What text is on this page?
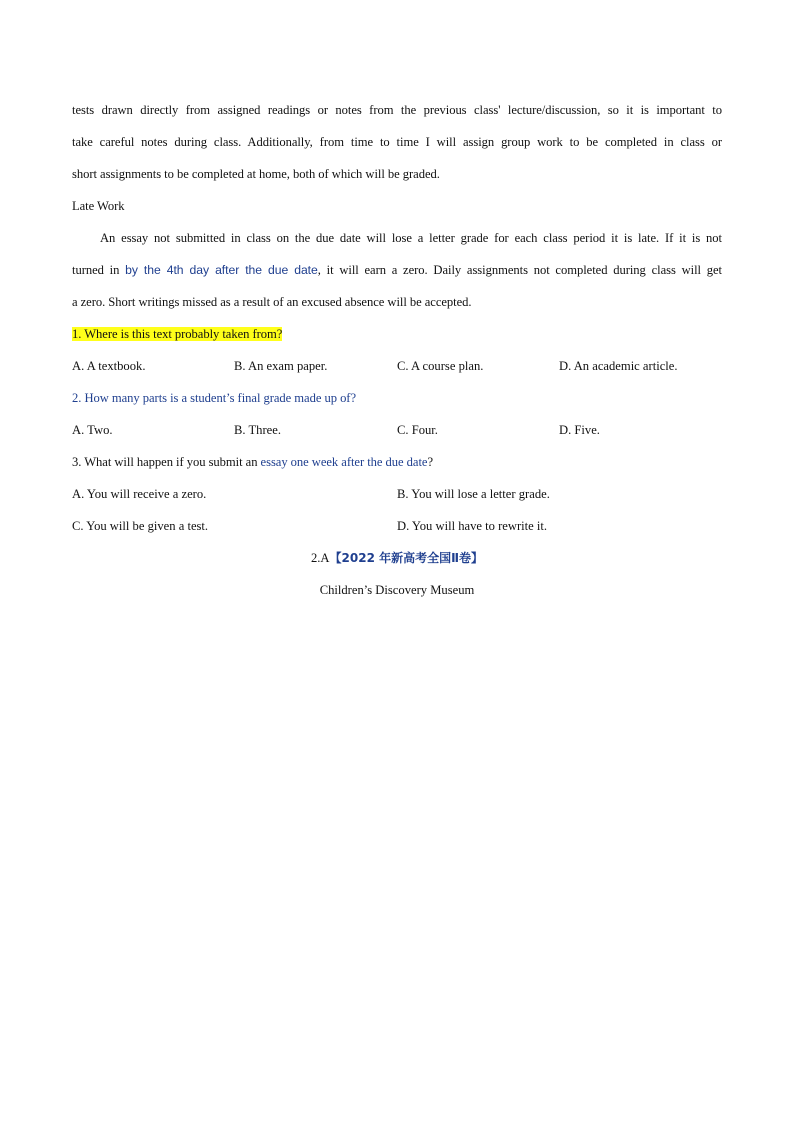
tests drawn directly from assigned readings or notes from the previous class' lecture/discussion, so it is important to
take careful notes during class. Additionally, from time to time I will assign group work to be completed in class or
short assignments to be completed at home, both of which will be graded.
Late Work
An essay not submitted in class on the due date will lose a letter grade for each class period it is late. If it is not
turned in by the 4th day after the due date, it will earn a zero. Daily assignments not completed during class will get
a zero. Short writings missed as a result of an excused absence will be accepted.
1. Where is this text probably taken from?
A. A textbook.	B. An exam paper.	C. A course plan.	D. An academic article.
2. How many parts is a student’s final grade made up of?
A. Two.	B. Three.	C. Four.	D. Five.
3. What will happen if you submit an essay one week after the due date?
A. You will receive a zero.	B. You will lose a letter grade.
C. You will be given a test.	D. You will have to rewrite it.
2.A【2022 年新高考全国Ⅱ卷】
Children’s Discovery Museum
